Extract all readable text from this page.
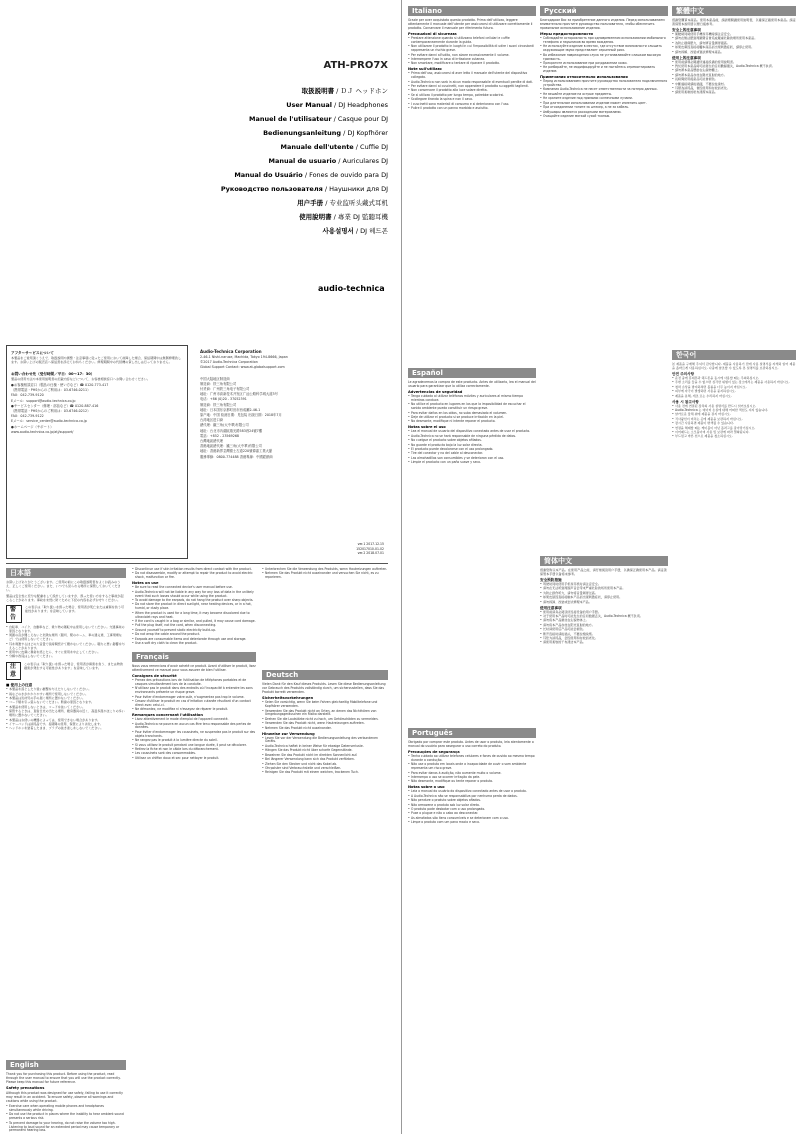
ATH-PRO7X
取扱説明書 / ＤＪ ヘッドホン
User Manual / DJ Headphones
Manuel de l'utilisateur / Casque pour DJ
Bedienungsanleitung / DJ Kopfhörer
Manuale dell'utente / Cuffie DJ
Manual de usuario / Auriculares DJ
Manual do Usuário / Fones de ouvido para DJ
Руководство пользователя / Наушники для DJ
用户手册 / 专业监听头戴式耳机
使用說明書 / 專業 DJ 監聽耳機
사용설명서 / DJ 헤드폰
audio-technica
アフターサービスについて
本製品をご愛用頂くうえで、取扱説明や調整・注意事項に従ったご使用において故障した場合、保証期間中は無償修理致します。お買い上げの販売店へ保証書を添えてお持ちください。修理期間中の代替機の貸し出しは行っておりません。
お問い合わせ先（受付時間／平日：00～17：30）
製品の使用方法や本使用説明書の記載内容などについて、お客様相談窓口へお問い合わせください。
●お客様相談窓口（製品の仕様・使い方など）☎ 0120-773-417
（携帯電話・PHSからのご利用は：03-6746-0211）
FAX：042-739-9120
Eメール：support@audio-technica.co.jp
●サービスセンター（修理・部品など）☎ 0120-887-416
（携帯電話・PHSからのご利用は：03-6746-0212）
FAX：042-739-9122
Eメール：service_center@audio-technica.co.jp
●ホームページ（サポート）
www.audio-technica.co.jp/atj/support/
Audio-Technica Corporation
2-46-1 Nishi-naruse, Machida, Tokyo 194-8666, Japan
©2017 Audio-Technica Corporation
Global Support Contact: www.at-globalsupport.com
中国大陆地区制造商
制造商：铁三角有限公司
付货商：广州铁三角电子有限公司
地址：广州市高新技术开发区广汕公路科学城大道3号
电话：+86 (0)20 - 37052391
制造商：铁三角有限公司
地址：日本国东京都町田市西成瀬2-46-1
原产地：中国 检测日期：见包装 出版日期：2018年7月
台湾地区进口商
總代理：鐵三角(大中華)有限公司
地址：台北市內湖區瑞光路583巷24號7樓
電話：+852 - 23569268
台灣地區總代理
香港地區總代理：鐵三角(大中華)有限公司
地址：香港新界荃灣德士古道220號偉嘉工業大廈
服務專線：0800-774488 香港專線：中國經銷商
ver.1 2017.12.15
152017010-01-02
ver.2 2018.07.01
日本語
お買い上げありがとうございます。ご使用の前にこの取扱説明書をよくお読みのうえ、正しくご使用ください。また、いつでも見られる場所に保管しておいてください。
製品は安全性に充分な配慮をして設計していますが、誤った使い方をすると事故が起こることがあります。事故を未然に防ぐために下記の内容を必ずお守りください。
警告
この表示は「取り扱いを誤った場合、使用者が死亡または重傷を負う可能性があります」を意味しています。
• 自転車、バイク、自動車など、乗り物の運転中は使用しないでください。交通事故の原因となります。
• 周囲の音が聞こえないと危険な場所（踏切、駅のホーム、車の通る道、工事現場など）では使用しないでください。
• 耳を刺激するほどの大音量で長時間続けて聞かないでください。聴力に悪い影響を与えることがあります。
• 使用中に皮膚に異常を感じたら、すぐに使用を中止してください。
• 分解や改造はしないでください。
注意
この表示は「取り扱いを誤った場合、使用者が傷害を負う、または物的損害が発生する可能性があります」を意味しています。
■ 使用上の注意
• 本製品を落としたり強い衝撃を与えたりしないでください。
• 雨などの水がかかりやすい場所で使用しないでください。
• 本製品は乳幼児の手の届く場所に置かないでください。
• コード類を引っ張らないでください。断線の原因となります。
• 本製品を使用しないときは、コードを抜いてください。
• 保管するときは、直射日光の当たる場所、暖房器具の近く、高温多湿やほこりの多い場所に置かないでください。
• 本製品はお使いの機器によっては、使用できない場合があります。
• イヤーパッドは消耗品です。長期間の使用、保管により劣化します。
• ヘッドホンを装着したまま、プラグの抜き差しをしないでください。
English
Thank you for purchasing this product. Before using the product, read through the user manual to ensure that you will use the product correctly. Please keep this manual for future reference.
Safety precautions
Although this product was designed for use safely, failing to use it correctly may result in an accident. To ensure safety, observe all warnings and cautions while using the product.
• Exercise care when operating mobile phones and headphones simultaneously while driving.
• Do not use the product in places where the inability to hear ambient sound presents a serious risk.
• To prevent damage to your hearing, do not raise the volume too high. Listening to loud sound for an extended period may cause temporary or permanent hearing loss.
• Discontinue use if skin irritation results from direct contact with the product.
• Do not disassemble, modify or attempt to repair the product to avoid electric shock, malfunction or fire.
Notes on use
• Be sure to read the connected device's user manual before use.
• Audio-Technica will not be liable in any way for any loss of data in the unlikely event that such losses should occur while using the product.
• To avoid damage to the earpads, do not hang the product over sharp objects.
• Do not store the product in direct sunlight, near heating devices, or in a hot, humid, or dusty place.
• When the product is used for a long time, it may become discolored due to ultraviolet rays and heat.
• If the cord is caught in a bag or similar, and pulled, it may cause cord damage.
• Pull the plug itself, not the cord, when disconnecting.
• Ground yourself to prevent static electricity build-up.
• Do not wrap the cable around the product.
• Earpads are consumable items and deteriorate through use and storage.
• Use a soft dry cloth to clean the product.
Français
Nous vous remercions d'avoir acheté ce produit. Avant d'utiliser le produit, lisez attentivement ce manuel pour vous assurer de bien l'utiliser.
Consignes de sécurité
• Prenez des précautions lors de l'utilisation de téléphones portables et de casques simultanément lors de la conduite.
• N'utilisez pas le produit dans des endroits où l'incapacité à entendre les sons environnants présente un risque grave.
• Pour éviter d'endommager votre ouïe, n'augmentez pas trop le volume.
• Cessez d'utiliser le produit en cas d'irritation cutanée résultant d'un contact direct avec celui-ci.
• Ne démontez, ne modifiez ni n'essayez de réparer le produit.
Remarques concernant l'utilisation
• Lisez attentivement le mode d'emploi de l'appareil connecté.
• Audio-Technica ne pourra en aucun cas être tenu responsable des pertes de données.
• Pour éviter d'endommager les coussinets, ne suspendez pas le produit sur des objets tranchants.
• Ne rangez pas le produit à la lumière directe du soleil.
• Si vous utilisez le produit pendant une longue durée, il peut se décolorer.
• Retirez la fiche et non le câble lors du débranchement.
• Les coussinets sont des consommables.
• Utilisez un chiffon doux et sec pour nettoyer le produit.
• Unterbrechen Sie die Verwendung des Produkts, wenn Hautreizungen auftreten.
• Nehmen Sie das Produkt nicht auseinander und versuchen Sie nicht, es zu reparieren.
Deutsch
Vielen Dank für den Kauf dieses Produkts. Lesen Sie diese Bedienungsanleitung vor Gebrauch des Produkts vollständig durch, um sicherzustellen, dass Sie das Produkt korrekt verwenden.
Sicherheitsvorkehrungen
• Seien Sie vorsichtig, wenn Sie beim Fahren gleichzeitig Mobiltelefone und Kopfhörer verwenden.
• Verwenden Sie das Produkt nicht an Orten, an denen das Nichthören von Umgebungsgeräuschen ein Risiko darstellt.
• Drehen Sie die Lautstärke nicht zu hoch, um Gehörschäden zu vermeiden.
• Verwenden Sie das Produkt nicht, wenn Hautreizungen auftreten.
• Nehmen Sie das Produkt nicht auseinander.
Hinweise zur Verwendung
• Lesen Sie vor der Verwendung die Bedienungsanleitung des verbundenen Geräts.
• Audio-Technica haftet in keiner Weise für etwaige Datenverluste.
• Hängen Sie das Produkt nicht über scharfe Gegenstände.
• Bewahren Sie das Produkt nicht im direkten Sonnenlicht auf.
• Bei längerer Verwendung kann sich das Produkt verfärben.
• Ziehen Sie den Stecker und nicht das Kabel ab.
• Ohrpolster sind Verbrauchsteile und verschleißen.
• Reinigen Sie das Produkt mit einem weichen, trockenen Tuch.
Italiano
Grazie per aver acquistato questo prodotto. Prima dell'utilizzo, leggere attentamente il manuale dell'utente per assicurarsi di utilizzare correttamente il prodotto. Conservare il manuale per riferimento futuro.
Precauzioni di sicurezza
• Prestare attenzione quando si utilizzano telefoni cellulari e cuffie contemporaneamente durante la guida.
• Non utilizzare il prodotto in luoghi in cui l'impossibilità di udire i suoni circostanti rappresenta un rischio grave.
• Per evitare danni all'udito, non alzare eccessivamente il volume.
• Interrompere l'uso in caso di irritazione cutanea.
• Non smontare, modificare o tentare di riparare il prodotto.
Note sull'utilizzo
• Prima dell'uso, assicurarsi di aver letto il manuale dell'utente del dispositivo collegato.
• Audio-Technica non sarà in alcun modo responsabile di eventuali perdite di dati.
• Per evitare danni ai cuscinetti, non appendere il prodotto su oggetti taglienti.
• Non conservare il prodotto alla luce solare diretta.
• Se si utilizza il prodotto per lungo tempo, potrebbe scolorirsi.
• Scollegare tirando la spina e non il cavo.
• I cuscinetti sono materiali di consumo e si deteriorano con l'uso.
• Pulire il prodotto con un panno morbido e asciutto.
Español
Le agradecemos la compra de este producto. Antes de utilizarlo, lea el manual del usuario para garantizar que lo utiliza correctamente.
Advertencias de seguridad
• Tenga cuidado al utilizar teléfonos móviles y auriculares al mismo tiempo mientras conduce.
• No utilice el producto en lugares en los que la imposibilidad de escuchar el sonido ambiente pueda constituir un riesgo grave.
• Para evitar daños en los oídos, no suba demasiado el volumen.
• Deje de utilizar el producto si se produce irritación en la piel.
• No desmonte, modifique ni intente reparar el producto.
Notas sobre el uso
• Lea el manual de usuario del dispositivo conectado antes de usar el producto.
• Audio-Technica no se hará responsable de ninguna pérdida de datos.
• No cuelgue el producto sobre objetos afilados.
• No guarde el producto bajo la luz solar directa.
• El producto puede decolorarse con el uso prolongado.
• Tire del conector y no del cable al desconectar.
• Las almohadillas son consumibles y se deterioran con el uso.
• Limpie el producto con un paño suave y seco.
Português
Obrigado por comprar este produto. Antes de usar o produto, leia atentamente o manual do usuário para assegurar o uso correto do produto.
Precauções de segurança
• Tenha cuidado ao utilizar telefones celulares e fones de ouvido ao mesmo tempo durante a condução.
• Não use o produto em locais onde a incapacidade de ouvir o som ambiente representa um risco grave.
• Para evitar danos à audição, não aumente muito o volume.
• Interrompa o uso se ocorrer irritação da pele.
• Não desmonte, modifique ou tente reparar o produto.
Notas sobre o uso
• Leia o manual do usuário do dispositivo conectado antes de usar o produto.
• A Audio-Technica não se responsabiliza por nenhuma perda de dados.
• Não pendure o produto sobre objetos afiados.
• Não armazene o produto sob luz solar direta.
• O produto pode desbotar com o uso prolongado.
• Puxe o plugue e não o cabo ao desconectar.
• As almofadas são itens consumíveis e se deterioram com o uso.
• Limpe o produto com um pano macio e seco.
Русский
Благодарим Вас за приобретение данного изделия. Перед использованием внимательно прочтите руководство пользователя, чтобы обеспечить правильное использование изделия.
Меры предосторожности
• Соблюдайте осторожность при одновременном использовании мобильного телефона и наушников во время вождения.
• Не используйте изделие в местах, где отсутствие возможности слышать окружающие звуки представляет серьезный риск.
• Во избежание повреждения слуха не устанавливайте слишком высокую громкость.
• Прекратите использование при раздражении кожи.
• Не разбирайте, не модифицируйте и не пытайтесь отремонтировать изделие.
Примечания относительно использования
• Перед использованием прочтите руководство пользователя подключенного устройства.
• Компания Audio-Technica не несет ответственности за потерю данных.
• Не вешайте изделие на острые предметы.
• Не храните изделие под прямыми солнечными лучами.
• При длительном использовании изделие может изменить цвет.
• При отсоединении тяните за штекер, а не за кабель.
• Амбушюры являются расходными материалами.
• Очищайте изделие мягкой сухой тканью.
简体中文
感谢您购买本产品。在使用产品之前，请仔细阅读用户手册，以确保正确使用本产品。请妥善保管本手册以备将来参考。
安全预防措施
• 驾驶时同时使用手机和耳机时请注意安全。
• 请勿在无法听到周围声音会带来严重危险的场所使用本产品。
• 为防止损伤听力，请勿将音量调得过高。
• 如果皮肤因直接接触本产品而出现刺激症状，请停止使用。
• 请勿拆卸、改装或尝试修理本产品。
使用注意事项
• 使用前请务必阅读所连接设备的用户手册。
• 对于使用本产品时可能发生的任何数据丢失，Audio-Technica 概不负责。
• 请勿将本产品悬挂在尖锐物体上。
• 请勿将本产品存放在阳光直射的地方。
• 长时间使用后产品可能会褪色。
• 断开连接时请拔插头，不要拉拽线缆。
• 耳垫为消耗品，会因使用和存放而老化。
• 请使用柔软的干布清洁本产品。
繁體中文
感謝您購買本產品。使用本產品前，請詳細閱讀使用說明書，以確保正確使用本產品。請妥善保管本說明書以便日後參考。
安全上的注意事項
• 駕駛時同時使用手機和耳機時請注意安全。
• 請勿在無法聽到周圍聲音會造成嚴重危險的場所使用本產品。
• 為防止損傷聽力，請勿將音量調得過高。
• 如果皮膚因直接接觸本產品而出現刺激症狀，請停止使用。
• 請勿拆解、改裝或嘗試修理本產品。
使用上的注意事項
• 使用前請務必閱讀所連接設備的使用說明書。
• 對於使用本產品時可能發生的任何數據遺失，Audio-Technica 概不負責。
• 請勿將本產品懸掛在尖銳物體上。
• 請勿將本產品存放在陽光直射的地方。
• 長時間使用後產品可能會褪色。
• 中斷連接時請拔插頭，不要拉扯線材。
• 耳墊為消耗品，會因使用和存放而老化。
• 請使用柔軟的乾布清潔本產品。
한국어
본 제품을 구매해 주셔서 감사합니다. 제품을 사용하기 전에 사용 설명서를 자세히 읽어 제품을 올바르게 사용하십시오. 나중에 참조할 수 있도록 본 설명서를 보관하십시오.
안전 주의사항
• 운전 중에 휴대폰과 헤드폰을 동시에 사용할 때는 주의하십시오.
• 주변 소리를 들을 수 없으면 심각한 위험이 있는 장소에서는 제품을 사용하지 마십시오.
• 청력 손상을 방지하려면 볼륨을 너무 높이지 마십시오.
• 피부에 자극이 발생하면 사용을 중지하십시오.
• 제품을 분해, 개조 또는 수리하지 마십시오.
사용 시 참고사항
• 사용 전에 연결된 장치의 사용 설명서를 반드시 읽어보십시오.
• Audio-Technica 는 데이터 손실에 대해 어떠한 책임도 지지 않습니다.
• 날카로운 물체 위에 제품을 걸지 마십시오.
• 직사광선이 비치는 곳에 제품을 보관하지 마십시오.
• 장시간 사용하면 제품이 변색될 수 있습니다.
• 연결을 해제할 때는 케이블이 아닌 플러그를 잡아당기십시오.
• 이어패드는 소모품이며 사용 및 보관에 따라 열화됩니다.
• 부드럽고 마른 천으로 제품을 청소하십시오.
